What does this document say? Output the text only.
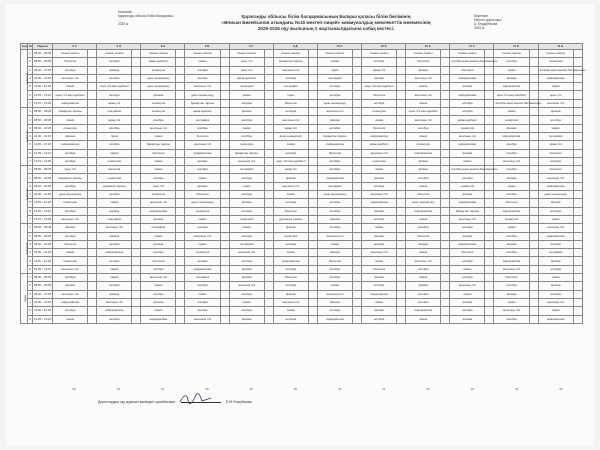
Келісемін
Қарағанды облысы білім басқармасы
...
2025 ж.
Бекітемін
Мектеп директоры
А. Бердибекова
2025 ж.
Қарағанды облысы білім басқармасының Балқаш қаласы білім бөлімінің
«Әлихан Бөкейханов атындағы №15 мектеп-лицей» коммуналдық мемлекеттік мекемесінің
2025-2026 оқу жылының 1 жартыжылдығына сабақ кестесі.
күні	№	Уақыты	9 А		9 Ә		9 Б		9 В		9 Г		9 Д		10 А		10 Ә		10 Б		11 А		11 Ә		11 Б	
дүйсенбі	1	08:00 – 08:45	Сынып сағаты		Сынып сағаты		Сынып сағаты		Сынып сағаты		Сынып сағаты		Сынып сағаты		Сынып сағаты		Сынып сағаты		Сынып сағаты		Сынып сағаты		Сынып сағаты		Сынып сағаты	
	2	08:50 – 09:35	биология		алгебра		қазақ әдебиеті		химия		орыс тілі		Қазақстан тарихы		химия		алгебра		биология		алгебра және анализ бастамалары		алгебра		геометрия	
	3	09:40 – 10:25	алгебра		физика		геометрия		алгебра		орыс тілі		ағылшын тілі		тарих		қазақ тілі		физика		биология		химия		алгебра және анализ бастамалары	
	4	10:30 – 11:15	ағылшын тілі		алгебра		дене шынықтыру		физика		қазақ әдебиеті		алгебра		география		физика		ағылшын тілі		информатика		физика		информатика	
	5	11:35 – 12:20	химия		орыс тілі мен әдебиеті		дене шынықтыру		ағылшын тілі		геометрия		география		алгебра		орыс тілі мен әдебиеті		химия		физика		информатика		химия	
	6	12:25 – 13:10	орыс тілі мен әдебиеті		алгебра		физика		дене шынықтыру		химия		тарих		алгебра		биология		ағылшын тілі		информатика		орыс тілі мен әдебиеті		орыс тілі	
	7	13:15 – 14:00	информатика		қазақ тілі		геометрия		Қазақстан тарихы		алгебра		биология		дене шынықтыру		алгебра		химия		алгебра		алгебра және анализ бастамалары		ағылшын тілі	
сейсенбі	1	08:00 – 08:45	Қазақстан тарихы		география		геометрия		қазақ әдебиеті		физика		алгебра		ағылшын тілі		геометрия		орыс тілі мен әдебиеті		алгебра		химия		физика	
	2	08:50 – 09:35	химия		қазақ тілі		алгебра		география		алгебра		ағылшын тілі		физика		химия		ағылшын тілі		қазақ әдебиеті		геометрия		алгебра	
	3	09:40 – 10:25	геометрия		алгебра		ағылшын тілі		алгебра		химия		қазақ тілі		алгебра		биология		алгебра		геометрия		физика		химия	
	4	10:30 – 11:15	физика		тарих		химия		биология		алгебра		дене шынықтыру		Қазақстан тарихы		информатика		химия		ағылшын тілі		информатика		география	
	5	11:35 – 12:20	информатика		алгебра		Қазақстан тарихы		ағылшын тілі		геометрия		химия		информатика		қазақ әдебиеті		геометрия		информатика		алгебра		қазақ тілі	
	6	12:25 – 13:10	алгебра		химия		биология		информатика		Қазақстан тарихы		алгебра		биология		ағылшын тілі		информатика		физика		алгебра		биология	
	7	13:15 – 14:00	алгебра		геометрия		химия		физика		ағылшын тілі		орыс тілі мен әдебиеті		алгебра		геометрия		физика		химия		ағылшын тілі		алгебра	
сәрсенбі	1	08:00 – 08:45	орыс тілі		биология		химия		алгебра		география		қазақ тілі		алгебра		химия		физика		алгебра және анализ бастамалары		алгебра		биология	
	2	08:50 – 09:35	Қазақстан тарихы		геометрия		алгебра		химия		алгебра		физика		информатика		физика		алгебра		алгебра		физика		ағылшын тілі	
	3	09:40 – 10:25	алгебра		дүниежүзі тарихы		орыс тілі		физика		тарих		ағылшын тілі		география		алгебра		химия		геометрия		химия		информатика	
	4	10:30 – 11:15	дене шынықтыру		алгебра		геометрия		биология		алгебра		химия		дене шынықтыру		ағылшын тілі		биология		физика		алгебра		дене шынықтыру	
	5	11:35 – 12:20	геометрия		химия		ағылшын тілі		дене шынықтыру		физика		алгебра		алгебра		информатика		дене шынықтыру		информатика		биология		физика	
	6	12:25 – 13:10	алгебра		физика		информатика		геометрия		алгебра		биология		алгебра		физика		информатика		Қазақстан тарихы		информатика		алгебра	
	7	13:15 – 14:00	ағылшын тілі		география		физика		химия		геометрия		дүниежүзі тарихы		физика		алгебра		химия		ағылшын тілі		геометрия		химия	
бейсенбі	1	08:00 – 08:45	физика		ағылшын тілі		география		алгебра		химия		физика		алгебра		химия		алгебра		алгебра		химия		ағылшын тілі	
	2	08:50 – 09:35	алгебра		физика		химия		ағылшын тілі		алгебра		геометрия		ағылшын тілі		физика		биология		физика		алгебра		информатика	
	3	09:40 – 10:25	биология		алгебра		физика		химия		география		алгебра		химия		алгебра		физика		информатика		физика		алгебра	
	4	10:30 – 11:15	химия		информатика		алгебра		геометрия		ағылшын тілі		химия		физика		ағылшын тілі		химия		биология		алгебра		география	
	5	11:35 – 12:20	геометрия		алгебра		биология		физика		алгебра		информатика		биология		химия		ағылшын тілі		алгебра		информатика		физика	
	6	12:25 – 13:10	ағылшын тілі		химия		алгебра		информатика		физика		алгебра		алгебра		биология		алгебра		химия		ағылшын тілі		алгебра	
жұма	1	08:00 – 08:45	алгебра		химия		ағылшын тілі		география		физика		биология		алгебра		физика		химия		алгебра		биология		химия	
	2	08:50 – 09:35	физика		алгебра		химия		алгебра		ағылшын тілі		алгебра		химия		алгебра		физика		ағылшын тілі		алгебра		физика	
	3	09:40 – 10:25	ағылшын тілі		физика		алгебра		химия		алгебра		физика		ағылшын тілі		информатика		алгебра		химия		физика		алгебра	
	4	10:30 – 11:15	информатика		ағылшын тілі		физика		алгебра		химия		ағылшын тілі		физика		химия		алгебра		физика		химия		ағылшын тілі	
	5	11:35 – 12:20	алгебра		информатика		химия		физика		алгебра		химия		алгебра		физика		информатика		алгебра		ағылшын тілі		химия	
	6	12:25 – 13:10	химия		алгебра		информатика		ағылшын тілі		физика		алгебра		информатика		алгебра		химия		физика		алгебра		информатика	
29	31	31	29	29	30	33	31	33	34	34	34
Директордың оқу жұмысы жөніндегі орынбасары:	Е.Ж Ұлықбекова
